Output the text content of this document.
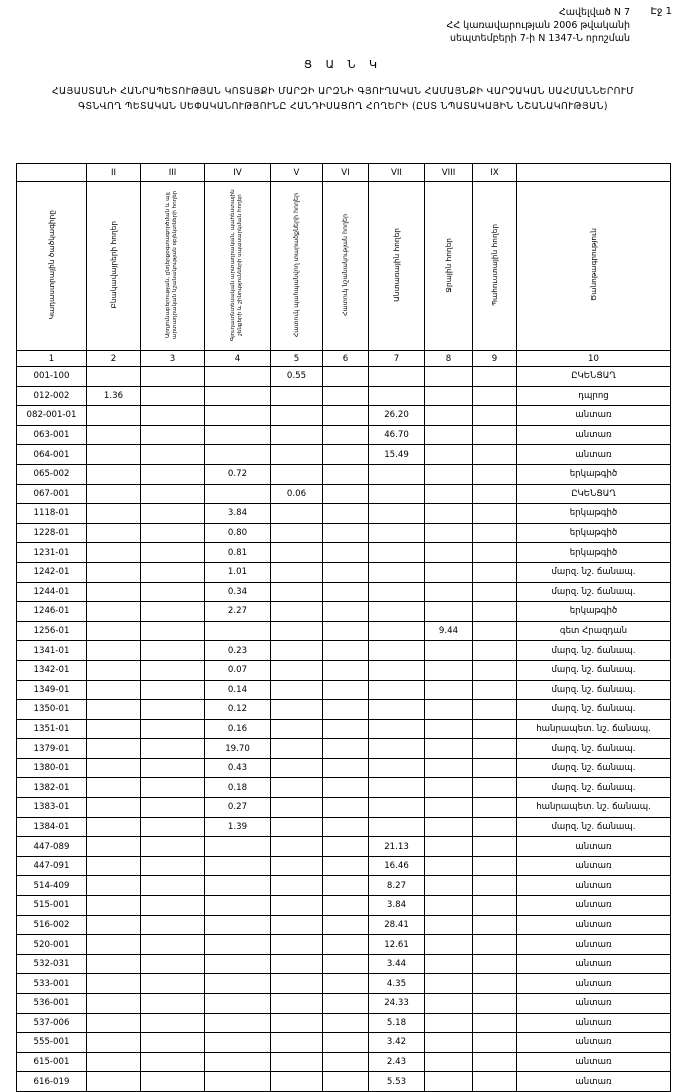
Էջ 1
Հավելված N 7
ՀՀ կառավարության 2006 թվականի
սեպտեմբերի 7-ի N 1347-Ն որոշման
Ց Ա Ն Կ
ՀԱՅԱՍՏԱՆԻ ՀԱՆՐԱՊԵՏՈՒԹՅԱՆ ԿՈՏԱՅՔԻ ՄԱՐԶԻ ԱՐԶՆԻ ԳՅՈՒՂԱԿԱՆ ՀԱՄԱՅՆՔԻ ՎԱՐՉԱԿԱՆ ՍԱՀՄԱՆՆԵՐՈՒՄ ԳՏՆՎՈՂ ՊԵՏԱԿԱՆ ՍԵՓԱԿԱՆՈՒԹՅՈՒՆԸ ՀԱՆԴԻՍԱՑՈՂ ՀՈՂԵՐԻ (ԸՍՏ ՆՊԱՏԱԿԱՅԻՆ ՆՇԱՆԱԿՈՒԹՅԱՆ)
	II	III	IV	V	VI	VII	VIII	IX	
Կադաստրային ծածկագիրը	Բնակավայրերի հողեր	Արդյունաբերության, ընդերքօգտագործման և այլ արտադրական նշանակության օբյեկտների հողեր	Գյուղատնտեսական արտադրական, պահեստային շենքերի և շինությունների սպասարկման հողեր	Հատուկ պահպանվող տարածքների հողեր	Հատուկ նշանակության հողեր	Անտառային հողեր	Ջրային հողեր	Պահուստային հողեր	Ծանոթագրություն
1	2	3	4	5	6	7	8	9	10
001-100				0.55					ԸԿԵՆՑԱՂ
012-002	1.36								դպրոց
082-001-01						26.20			անտառ
063-001						46.70			անտառ
064-001						15.49			անտառ
065-002			0.72						երկաթգիծ
067-001				0.06					ԸԿԵՆՑԱՂ
1118-01			3.84						երկաթգիծ
1228-01			0.80						երկաթգիծ
1231-01			0.81						երկաթգիծ
1242-01			1.01						մարզ. նշ. ճանապ.
1244-01			0.34						մարզ. նշ. ճանապ.
1246-01			2.27						երկաթգիծ
1256-01							9.44		գետ Հրազդան
1341-01			0.23						մարզ. նշ. ճանապ.
1342-01			0.07						մարզ. նշ. ճանապ.
1349-01			0.14						մարզ. նշ. ճանապ.
1350-01			0.12						մարզ. նշ. ճանապ.
1351-01			0.16						հանրապետ. նշ. ճանապ.
1379-01			19.70						մարզ. նշ. ճանապ.
1380-01			0.43						մարզ. նշ. ճանապ.
1382-01			0.18						մարզ. նշ. ճանապ.
1383-01			0.27						հանրապետ. նշ. ճանապ.
1384-01			1.39						մարզ. նշ. ճանապ.
447-089						21.13			անտառ
447-091						16.46			անտառ
514-409						8.27			անտառ
515-001						3.84			անտառ
516-002						28.41			անտառ
520-001						12.61			անտառ
532-031						3.44			անտառ
533-001						4.35			անտառ
536-001						24.33			անտառ
537-006						5.18			անտառ
555-001						3.42			անտառ
615-001						2.43			անտառ
616-019						5.53			անտառ
